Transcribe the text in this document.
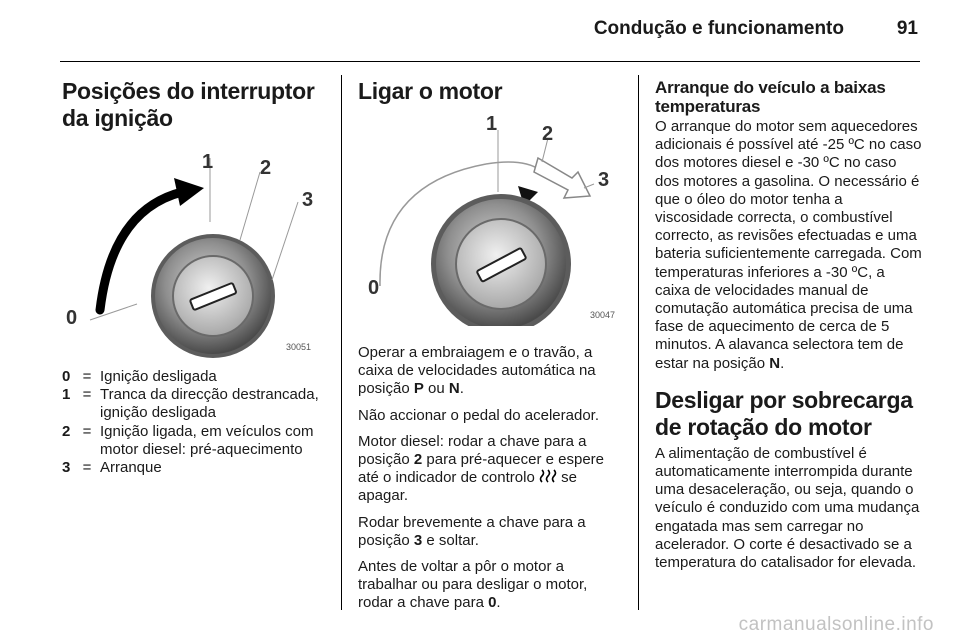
Condução e funcionamento	91
Posições do interruptor da ignição
1 2
3
0
30051
0 = Ignição desligada
1 = Tranca da direcção destrancada, ignição desligada
2 = Ignição ligada, em veículos com motor diesel: pré-aquecimento
3 = Arranque
Ligar o motor
1 2
3
0
30047

Operar a embraiagem e o travão, a caixa de velocidades automática na posição P ou N.

Não accionar o pedal do acelerador.

Motor diesel: rodar a chave para a posição 2 para pré-aquecer e espere até o indicador de controlo  se apagar.

Rodar brevemente a chave para a posição 3 e soltar.

Antes de voltar a pôr o motor a trabalhar ou para desligar o motor, rodar a chave para 0.

Arranque do veículo a baixas temperaturas

O arranque do motor sem aquecedores adicionais é possível até -25 ºC no caso dos motores diesel e -30 ºC no caso dos motores a gasolina. O necessário é que o óleo do motor tenha a viscosidade correcta, o combustível correcto, as revisões efectuadas e uma bateria suficientemente carregada. Com temperaturas inferiores a -30 ºC, a caixa de velocidades manual de comutação automática precisa de uma fase de aquecimento de cerca de 5 minutos. A alavanca selectora tem de estar na posição N.

Desligar por sobrecarga de rotação do motor

A alimentação de combustível é automaticamente interrompida durante uma desaceleração, ou seja, quando o veículo é conduzido com uma mudança engatada mas sem carregar no acelerador. O corte é desactivado se a temperatura do catalisador for elevada.

carmanualsonline.info
